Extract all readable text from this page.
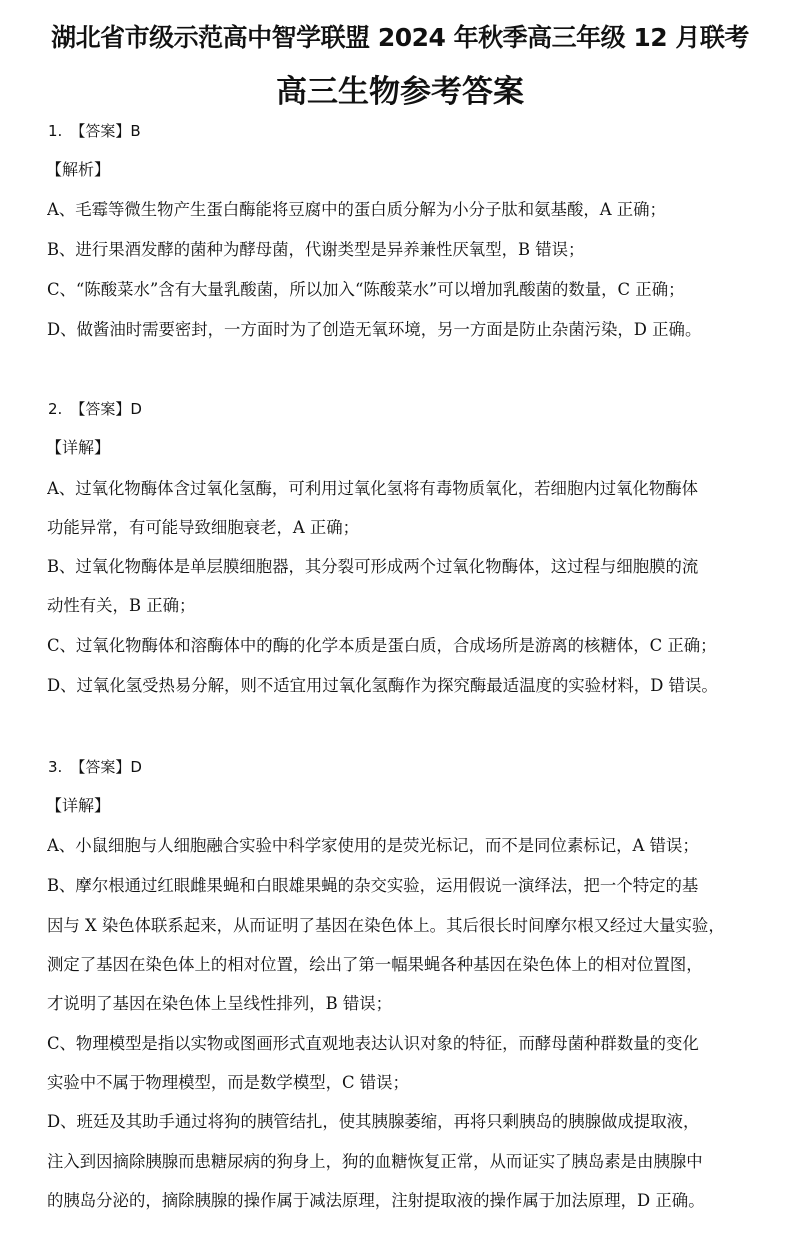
湖北省市级示范高中智学联盟 2024 年秋季高三年级 12 月联考
高三生物参考答案
1. 【答案】B
【解析】
A、毛霉等微生物产生蛋白酶能将豆腐中的蛋白质分解为小分子肽和氨基酸，A 正确；
B、进行果酒发酵的菌种为酵母菌，代谢类型是异养兼性厌氧型，B 错误；
C、“陈酸菜水”含有大量乳酸菌，所以加入“陈酸菜水”可以增加乳酸菌的数量，C 正确；
D、做酱油时需要密封，一方面时为了创造无氧环境，另一方面是防止杂菌污染，D 正确。
2. 【答案】D
【详解】
A、过氧化物酶体含过氧化氢酶，可利用过氧化氢将有毒物质氧化，若细胞内过氧化物酶体
功能异常，有可能导致细胞衰老，A 正确；
B、过氧化物酶体是单层膜细胞器，其分裂可形成两个过氧化物酶体，这过程与细胞膜的流
动性有关，B 正确；
C、过氧化物酶体和溶酶体中的酶的化学本质是蛋白质，合成场所是游离的核糖体，C 正确；
D、过氧化氢受热易分解，则不适宜用过氧化氢酶作为探究酶最适温度的实验材料，D 错误。
3. 【答案】D
【详解】
A、小鼠细胞与人细胞融合实验中科学家使用的是荧光标记，而不是同位素标记，A 错误；
B、摩尔根通过红眼雌果蝇和白眼雄果蝇的杂交实验，运用假说一演绎法，把一个特定的基
因与 X 染色体联系起来，从而证明了基因在染色体上。其后很长时间摩尔根又经过大量实验，
测定了基因在染色体上的相对位置，绘出了第一幅果蝇各种基因在染色体上的相对位置图，
才说明了基因在染色体上呈线性排列，B 错误；
C、物理模型是指以实物或图画形式直观地表达认识对象的特征，而酵母菌种群数量的变化
实验中不属于物理模型，而是数学模型，C 错误；
D、班廷及其助手通过将狗的胰管结扎，使其胰腺萎缩，再将只剩胰岛的胰腺做成提取液，
注入到因摘除胰腺而患糖尿病的狗身上，狗的血糖恢复正常，从而证实了胰岛素是由胰腺中
的胰岛分泌的，摘除胰腺的操作属于减法原理，注射提取液的操作属于加法原理，D 正确。
